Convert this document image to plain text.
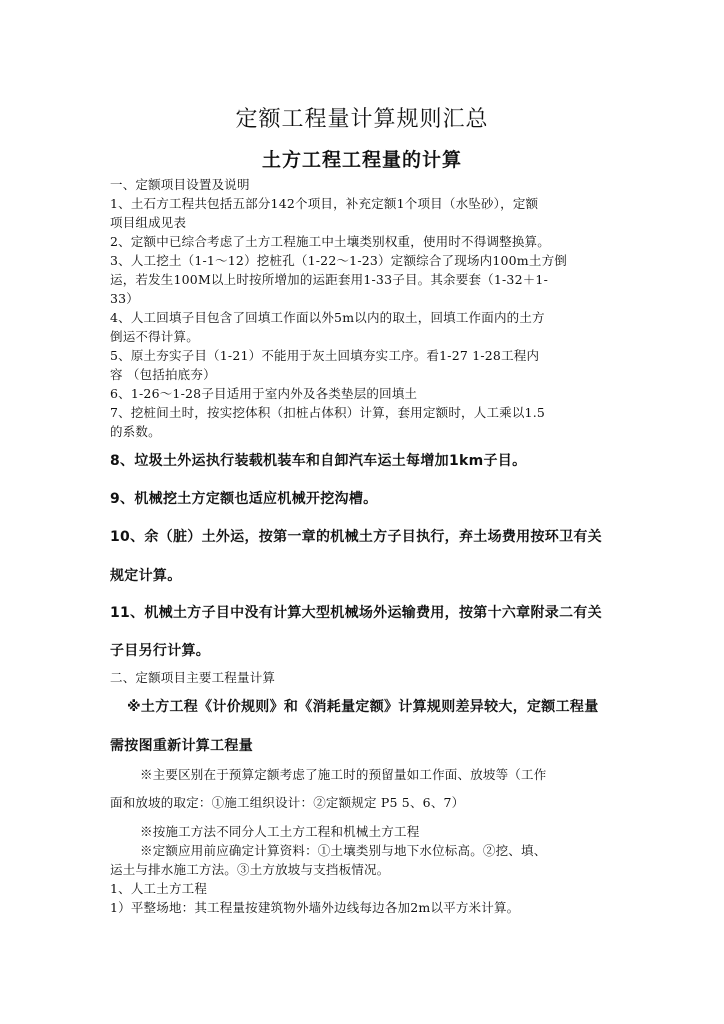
定额工程量计算规则汇总
土方工程工程量的计算
一、定额项目设置及说明
1、土石方工程共包括五部分142个项目，补充定额1个项目（水坠砂），定额
项目组成见表
2、定额中已综合考虑了土方工程施工中土壤类别权重，使用时不得调整换算。
3、人工挖土（1-1～12）挖桩孔（1-22～1-23）定额综合了现场内100m土方倒
运，若发生100M以上时按所增加的运距套用1-33子目。其余要套（1-32＋1-
33）
4、人工回填子目包含了回填工作面以外5m以内的取土，回填工作面内的土方
倒运不得计算。
5、原土夯实子目（1-21）不能用于灰土回填夯实工序。看1-27 1-28工程内
容 （包括拍底夯）
6、1-26～1-28子目适用于室内外及各类垫层的回填土
7、挖桩间土时，按实挖体积（扣桩占体积）计算，套用定额时，人工乘以1.5
的系数。
8、垃圾土外运执行装载机装车和自卸汽车运土每增加1km子目。
9、机械挖土方定额也适应机械开挖沟槽。
10、余（脏）土外运，按第一章的机械土方子目执行，弃土场费用按环卫有关
规定计算。
11、机械土方子目中没有计算大型机械场外运输费用，按第十六章附录二有关
子目另行计算。
二、定额项目主要工程量计算
※土方工程《计价规则》和《消耗量定额》计算规则差异较大，定额工程量
需按图重新计算工程量
※主要区别在于预算定额考虑了施工时的预留量如工作面、放坡等（工作
面和放坡的取定：①施工组织设计：②定额规定 P5 5、6、7）
※按施工方法不同分人工土方工程和机械土方工程
※定额应用前应确定计算资料：①土壤类别与地下水位标高。②挖、填、
运土与排水施工方法。③土方放坡与支挡板情况。
1、人工土方工程
1）平整场地：其工程量按建筑物外墙外边线每边各加2m以平方米计算。
